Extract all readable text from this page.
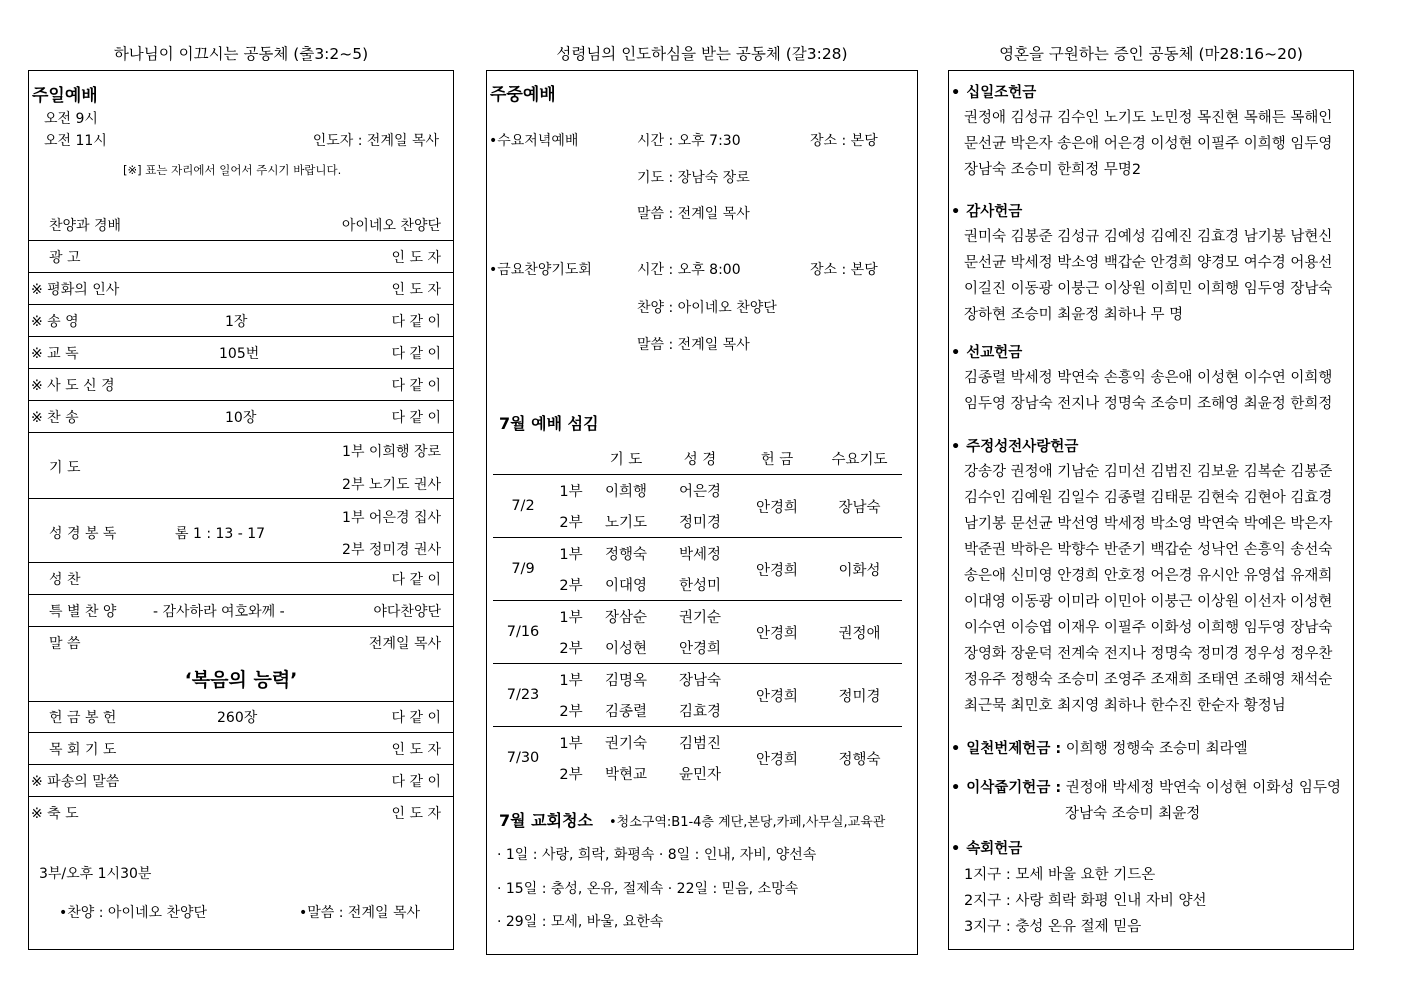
하나님이 이끄시는 공동체 (출3:2~5)	성령님의 인도하심을 받는 공동체 (갈3:28)	영혼을 구원하는 증인 공동체 (마28:16~20)
주일예배
오전 9시
오전 11시	인도자 : 전계일 목사
[※] 표는 자리에서 일어서 주시기 바랍니다.
찬양과 경배	아이네오 찬양단
광 고	인 도 자
※ 평화의 인사	인 도 자
※ 송 영	1장	다 같 이
※ 교 독	105번	다 같 이
※ 사 도 신 경	다 같 이
※ 찬 송	10장	다 같 이
기 도
1부 이희행 장로
2부 노기도 권사
성 경 봉 독	롬 1 : 13 - 17
1부 어은경 집사
2부 정미경 권사
성 찬	다 같 이
특 별 찬 양	- 감사하라 여호와께 -	야다찬양단
말 씀	전계일 목사
‘복음의 능력’
헌 금 봉 헌	260장	다 같 이
목 회 기 도	인 도 자
※ 파송의 말씀	다 같 이
※ 축 도	인 도 자
3부/오후 1시30분
•찬양 : 아이네오 찬양단	•말씀 : 전계일 목사
주중예배
•수요저녁예배	시간 : 오후 7:30	장소 : 본당
기도 : 장남숙 장로
말씀 : 전계일 목사
•금요찬양기도회	시간 : 오후 8:00	장소 : 본당
찬양 : 아이네오 찬양단
말씀 : 전계일 목사
7월 예배 섬김
		기 도	성 경	헌 금	수요기도
7/2	1부	이희행	어은경	안경희	장남숙
	2부	노기도	정미경		
7/9	1부	정행숙	박세정	안경희	이화성
	2부	이대영	한성미		
7/16	1부	장삼순	권기순	안경희	권정애
	2부	이성현	안경희		
7/23	1부	김명옥	장남숙	안경희	정미경
	2부	김종렬	김효경		
7/30	1부	권기숙	김범진	안경희	정행숙
	2부	박현교	윤민자		
7월 교회청소 •청소구역:B1-4층 계단,본당,카페,사무실,교육관
· 1일 : 사랑, 희락, 화평속 · 8일 : 인내, 자비, 양선속
· 15일 : 충성, 온유, 절제속 · 22일 : 믿음, 소망속
· 29일 : 모세, 바울, 요한속
• 십일조헌금

권정애 김성규 김수인 노기도 노민정 목진현 목해든 목해인

문선균 박은자 송은애 어은경 이성현 이필주 이희행 임두영

장남숙 조승미 한희정 무명2

• 감사헌금

권미숙 김봉준 김성규 김예성 김예진 김효경 남기봉 남현신

문선균 박세정 박소영 백갑순 안경희 양경모 여수경 어용선

이길진 이동광 이붕근 이상원 이희민 이희행 임두영 장남숙

장하현 조승미 최윤정 최하나 무 명

• 선교헌금

김종렬 박세정 박연숙 손흥익 송은애 이성현 이수연 이희행

임두영 장남숙 전지나 정명숙 조승미 조해영 최윤정 한희정

• 주정성전사랑헌금

강송강 권정애 기남순 김미선 김범진 김보윤 김복순 김봉준

김수인 김예원 김일수 김종렬 김태문 김현숙 김현아 김효경

남기봉 문선균 박선영 박세정 박소영 박연숙 박예은 박은자

박준권 박하은 박향수 반준기 백갑순 성낙언 손흥익 송선숙

송은애 신미영 안경희 안호정 어은경 유시안 유영섭 유재희

이대영 이동광 이미라 이민아 이붕근 이상원 이선자 이성현

이수연 이승엽 이재우 이필주 이화성 이희행 임두영 장남숙

장영화 장운덕 전계숙 전지나 정명숙 정미경 정우성 정우찬

정유주 정행숙 조승미 조영주 조재희 조태연 조해영 채석순

최근묵 최민호 최지영 최하나 한수진 한순자 황정님

• 일천번제헌금 : 이희행 정행숙 조승미 최라엘
• 이삭줍기헌금 : 권정애 박세정 박연숙 이성현 이화성 임두영
장남숙 조승미 최윤정
• 속회헌금
1지구 : 모세 바울 요한 기드온
2지구 : 사랑 희락 화평 인내 자비 양선
3지구 : 충성 온유 절제 믿음
